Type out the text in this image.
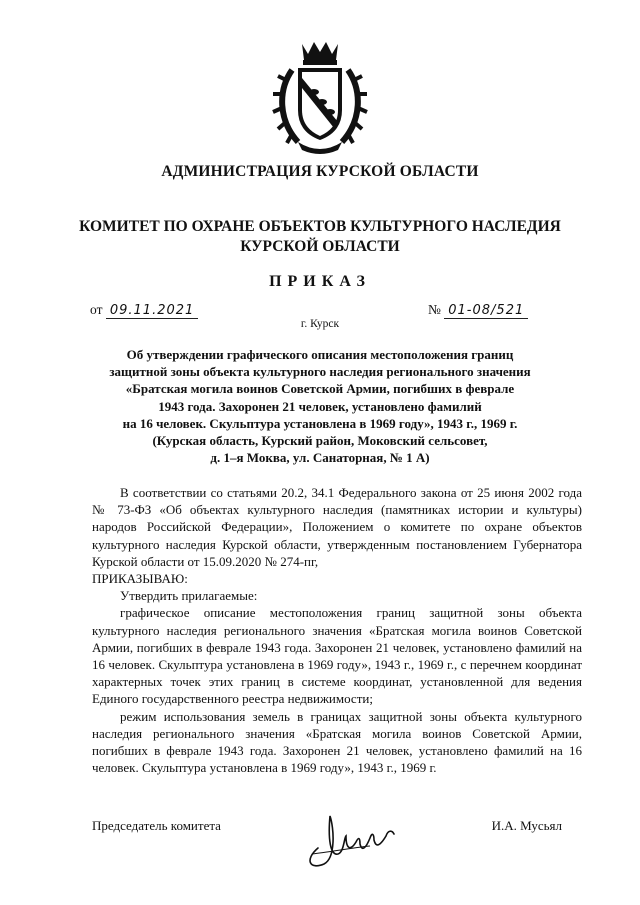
АДМИНИСТРАЦИЯ КУРСКОЙ ОБЛАСТИ
КОМИТЕТ ПО ОХРАНЕ ОБЪЕКТОВ КУЛЬТУРНОГО НАСЛЕДИЯ
КУРСКОЙ ОБЛАСТИ
ПРИКАЗ
от 09.11.2021	№ 01-08/521
г. Курск
Об утверждении графического описания местоположения границ
защитной зоны объекта культурного наследия регионального значения
«Братская могила воинов Советской Армии, погибших в феврале
1943 года. Захоронен 21 человек, установлено фамилий
на 16 человек. Скульптура установлена в 1969 году», 1943 г., 1969 г.
(Курская область, Курский район, Моковский сельсовет,
д. 1–я Моква, ул. Санаторная, № 1 А)

В соответствии со статьями 20.2, 34.1 Федерального закона от 25 июня 2002 года № 73-ФЗ «Об объектах культурного наследия (памятниках истории и культуры) народов Российской Федерации», Положением о комитете по охране объектов культурного наследия Курской области, утвержденным постановлением Губернатора Курской области от 15.09.2020 № 274-пг,

ПРИКАЗЫВАЮ:

Утвердить прилагаемые:

графическое описание местоположения границ защитной зоны объекта культурного наследия регионального значения «Братская могила воинов Советской Армии, погибших в феврале 1943 года. Захоронен 21 человек, установлено фамилий на 16 человек. Скульптура установлена в 1969 году», 1943 г., 1969 г., с перечнем координат характерных точек этих границ в системе координат, установленной для ведения Единого государственного реестра недвижимости;

режим использования земель в границах защитной зоны объекта культурного наследия регионального значения «Братская могила воинов Советской Армии, погибших в феврале 1943 года. Захоронен 21 человек, установлено фамилий на 16 человек. Скульптура установлена в 1969 году», 1943 г., 1969 г.

Председатель комитета	И.А. Мусьял
